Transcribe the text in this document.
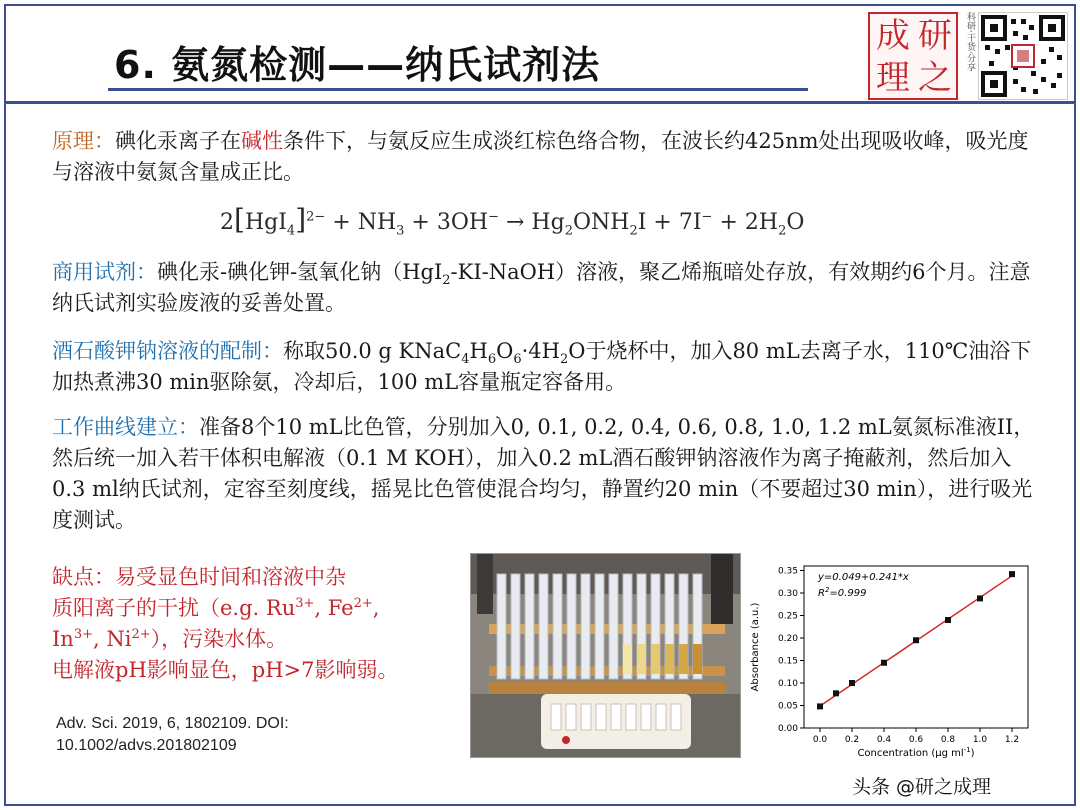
6. 氨氮检测——纳氏试剂法
研
之
成
理
科研·干货·分享
原理：碘化汞离子在碱性条件下，与氨反应生成淡红棕色络合物，在波长约425nm处出现吸收峰，吸光度与溶液中氨氮含量成正比。
$2[HgI_4]^{2-} + NH_3 + 3OH^- \to Hg_2ONH_2I + 7I^- + 2H_2O$
商用试剂：碘化汞-碘化钾-氢氧化钠（HgI$_2$-KI-NaOH）溶液，聚乙烯瓶暗处存放，有效期约6个月。注意纳氏试剂实验废液的妥善处置。
酒石酸钾钠溶液的配制：称取50.0 g $KNaC_4H_6O_6\cdot 4H_2O$于烧杯中，加入80 mL去离子水，110℃油浴下加热煮沸30 min驱除氨，冷却后，100 mL容量瓶定容备用。
工作曲线建立：准备8个10 mL比色管，分别加入0, 0.1, 0.2, 0.4, 0.6, 0.8, 1.0, 1.2 mL氨氮标准液II，然后统一加入若干体积电解液（0.1 M KOH），加入0.2 mL酒石酸钾钠溶液作为离子掩蔽剂，然后加入0.3 ml纳氏试剂，定容至刻度线，摇晃比色管使混合均匀，静置约20 min（不要超过30 min），进行吸光度测试。
缺点：易受显色时间和溶液中杂
质阳离子的干扰（e.g. $Ru^{3+}$, $Fe^{2+}$,
$In^{3+}$, $Ni^{2+}$），污染水体。
电解液pH影响显色，pH>7影响弱。
Adv. Sci. 2019, 6, 1802109. DOI:
10.1002/advs.201802109
0.00
0.05
0.10
0.15
0.20
0.25
0.30
0.35
0.0 0.2 0.4 0.6 0.8 1.0 1.2
y=0.049+0.241*x
$R^2=0.999$
Concentration (μg $ml^{-1}$)
Absorbance (a.u.)
头条 @研之成理
